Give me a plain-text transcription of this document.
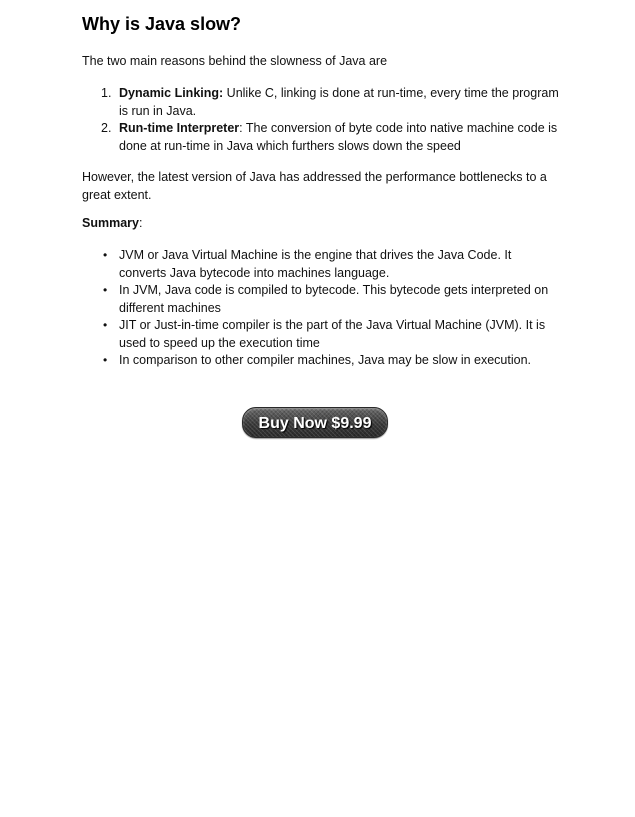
Why is Java slow?

The two main reasons behind the slowness of Java are

1. Dynamic Linking: Unlike C, linking is done at run-time, every time the program is run in Java.
2. Run-time Interpreter: The conversion of byte code into native machine code is done at run-time in Java which furthers slows down the speed

However, the latest version of Java has addressed the performance bottlenecks to a great extent.

Summary:

• JVM or Java Virtual Machine is the engine that drives the Java Code. It converts Java bytecode into machines language.
• In JVM, Java code is compiled to bytecode. This bytecode gets interpreted on different machines
• JIT or Just-in-time compiler is the part of the Java Virtual Machine (JVM). It is used to speed up the execution time
• In comparison to other compiler machines, Java may be slow in execution.
Buy Now $9.99
